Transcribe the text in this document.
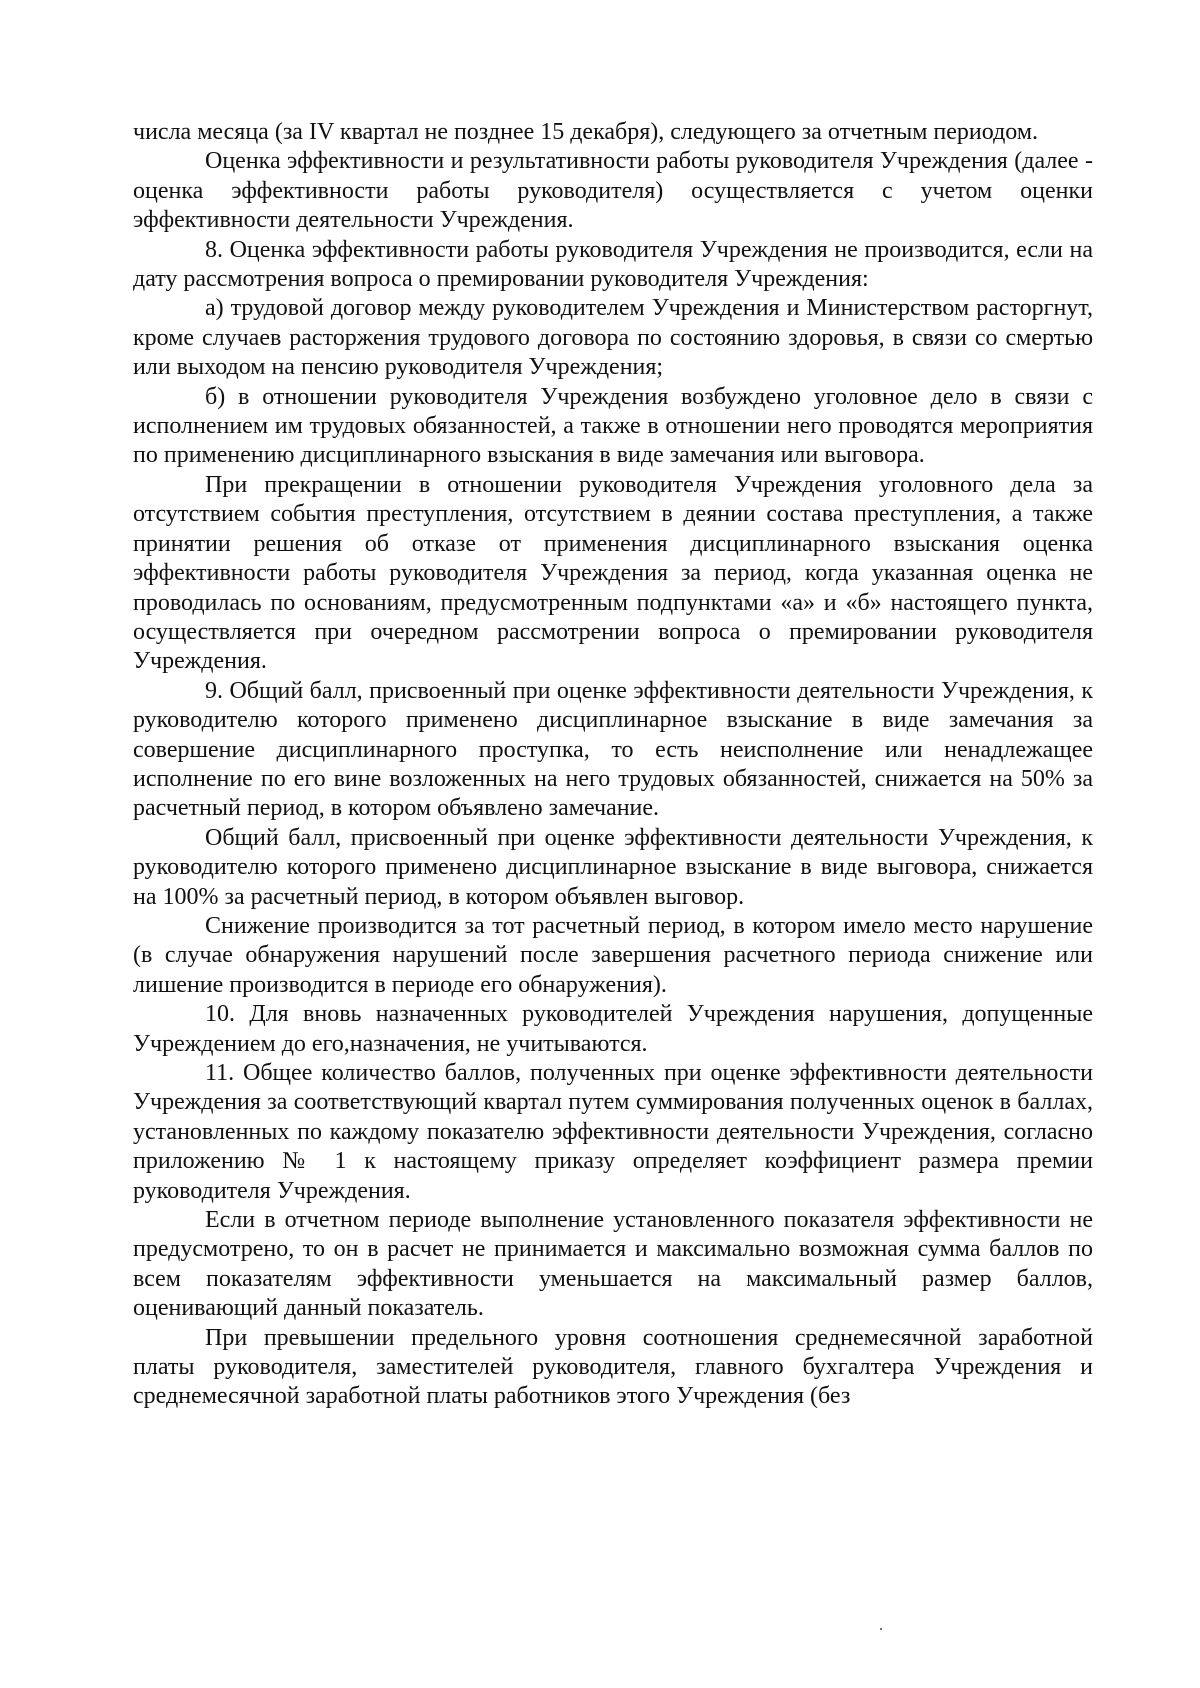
числа месяца (за IV квартал не позднее 15 декабря), следующего за отчетным периодом.

Оценка эффективности и результативности работы руководителя Учреждения (далее - оценка эффективности работы руководителя) осуществляется с учетом оценки эффективности деятельности Учреждения.

8. Оценка эффективности работы руководителя Учреждения не производится, если на дату рассмотрения вопроса о премировании руководителя Учреждения:

а) трудовой договор между руководителем Учреждения и Министерством расторгнут, кроме случаев расторжения трудового договора по состоянию здоровья, в связи со смертью или выходом на пенсию руководителя Учреждения;

б) в отношении руководителя Учреждения возбуждено уголовное дело в связи с исполнением им трудовых обязанностей, а также в отношении него проводятся мероприятия по применению дисциплинарного взыскания в виде замечания или выговора.

При прекращении в отношении руководителя Учреждения уголовного дела за отсутствием события преступления, отсутствием в деянии состава преступления, а также принятии решения об отказе от применения дисциплинарного взыскания оценка эффективности работы руководителя Учреждения за период, когда указанная оценка не проводилась по основаниям, предусмотренным подпунктами «а» и «б» настоящего пункта, осуществляется при очередном рассмотрении вопроса о премировании руководителя Учреждения.

9. Общий балл, присвоенный при оценке эффективности деятельности Учреждения, к руководителю которого применено дисциплинарное взыскание в виде замечания за совершение дисциплинарного проступка, то есть неисполнение или ненадлежащее исполнение по его вине возложенных на него трудовых обязанностей, снижается на 50% за расчетный период, в котором объявлено замечание.

Общий балл, присвоенный при оценке эффективности деятельности Учреждения, к руководителю которого применено дисциплинарное взыскание в виде выговора, снижается на 100% за расчетный период, в котором объявлен выговор.

Снижение производится за тот расчетный период, в котором имело место нарушение (в случае обнаружения нарушений после завершения расчетного периода снижение или лишение производится в периоде его обнаружения).

10. Для вновь назначенных руководителей Учреждения нарушения, допущенные Учреждением до его,назначения, не учитываются.

11. Общее количество баллов, полученных при оценке эффективности деятельности Учреждения за соответствующий квартал путем суммирования полученных оценок в баллах, установленных по каждому показателю эффективности деятельности Учреждения, согласно приложению № 1 к настоящему приказу определяет коэффициент размера премии руководителя Учреждения.

Если в отчетном периоде выполнение установленного показателя эффективности не предусмотрено, то он в расчет не принимается и максимально возможная сумма баллов по всем показателям эффективности уменьшается на максимальный размер баллов, оценивающий данный показатель.

При превышении предельного уровня соотношения среднемесячной заработной платы руководителя, заместителей руководителя, главного бухгалтера Учреждения и среднемесячной заработной платы работников этого Учреждения (без
